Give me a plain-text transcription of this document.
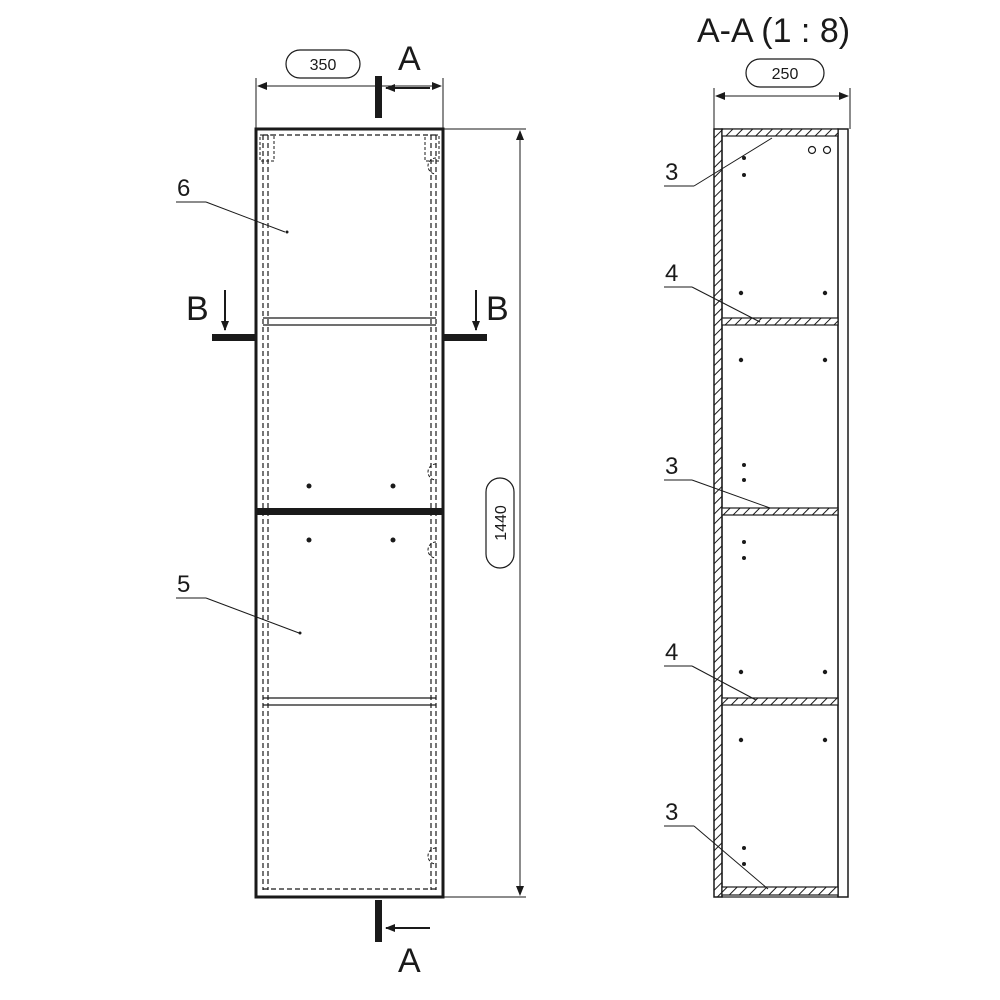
350
1440
A
A
B	B
6
5
A-A (1 : 8)
250
3
4
3
4
3
